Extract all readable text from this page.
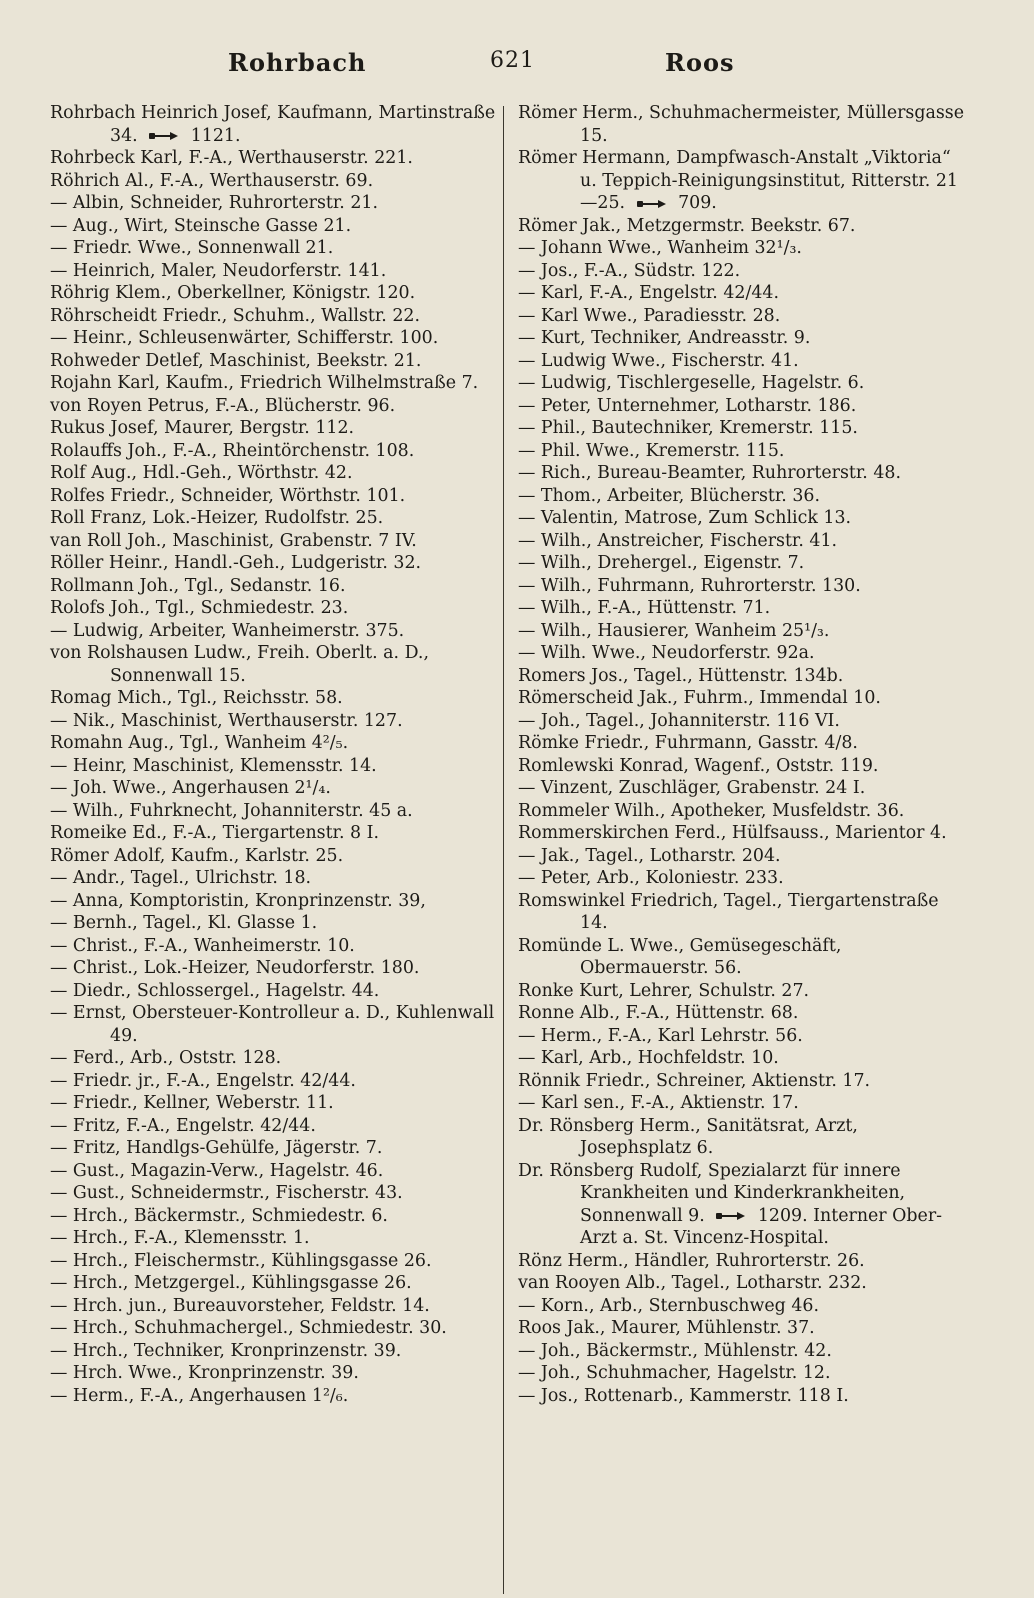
Rohrbach	621	Roos

Rohrbach Heinrich Josef, Kaufmann, Martinstraße 34.
1121.

Rohrbeck Karl, F.-A., Werthauserstr. 221.

Röhrich Al., F.-A., Werthauserstr. 69.

— Albin, Schneider, Ruhrorterstr. 21.

— Aug., Wirt, Steinsche Gasse 21.

— Friedr. Wwe., Sonnenwall 21.

— Heinrich, Maler, Neudorferstr. 141.

Röhrig Klem., Oberkellner, Königstr. 120.

Röhrscheidt Friedr., Schuhm., Wallstr. 22.

— Heinr., Schleusenwärter, Schifferstr. 100.

Rohweder Detlef, Maschinist, Beekstr. 21.

Rojahn Karl, Kaufm., Friedrich Wilhelmstraße 7.

von Royen Petrus, F.-A., Blücherstr. 96.

Rukus Josef, Maurer, Bergstr. 112.

Rolauffs Joh., F.-A., Rheintörchenstr. 108.

Rolf Aug., Hdl.-Geh., Wörthstr. 42.

Rolfes Friedr., Schneider, Wörthstr. 101.

Roll Franz, Lok.-Heizer, Rudolfstr. 25.

van Roll Joh., Maschinist, Grabenstr. 7 IV.

Röller Heinr., Handl.-Geh., Ludgeristr. 32.

Rollmann Joh., Tgl., Sedanstr. 16.

Rolofs Joh., Tgl., Schmiedestr. 23.

— Ludwig, Arbeiter, Wanheimerstr. 375.

von Rolshausen Ludw., Freih. Oberlt. a. D., Sonnenwall 15.

Romag Mich., Tgl., Reichsstr. 58.

— Nik., Maschinist, Werthauserstr. 127.

Romahn Aug., Tgl., Wanheim 4²/₅.

— Heinr, Maschinist, Klemensstr. 14.

— Joh. Wwe., Angerhausen 2¹/₄.

— Wilh., Fuhrknecht, Johanniterstr. 45 a.

Romeike Ed., F.-A., Tiergartenstr. 8 I.

Römer Adolf, Kaufm., Karlstr. 25.

— Andr., Tagel., Ulrichstr. 18.

— Anna, Komptoristin, Kronprinzenstr. 39,

— Bernh., Tagel., Kl. Glasse 1.

— Christ., F.-A., Wanheimerstr. 10.

— Christ., Lok.-Heizer, Neudorferstr. 180.

— Diedr., Schlossergel., Hagelstr. 44.

— Ernst, Obersteuer-Kontrolleur a. D., Kuhlenwall 49.

— Ferd., Arb., Oststr. 128.

— Friedr. jr., F.-A., Engelstr. 42/44.

— Friedr., Kellner, Weberstr. 11.

— Fritz, F.-A., Engelstr. 42/44.

— Fritz, Handlgs-Gehülfe, Jägerstr. 7.

— Gust., Magazin-Verw., Hagelstr. 46.

— Gust., Schneidermstr., Fischerstr. 43.

— Hrch., Bäckermstr., Schmiedestr. 6.

— Hrch., F.-A., Klemensstr. 1.

— Hrch., Fleischermstr., Kühlingsgasse 26.

— Hrch., Metzgergel., Kühlingsgasse 26.

— Hrch. jun., Bureauvorsteher, Feldstr. 14.

— Hrch., Schuhmachergel., Schmiedestr. 30.

— Hrch., Techniker, Kronprinzenstr. 39.

— Hrch. Wwe., Kronprinzenstr. 39.

— Herm., F.-A., Angerhausen 1²/₆.

Römer Herm., Schuhmachermeister, Müllersgasse 15.

Römer Hermann, Dampfwasch-Anstalt „Viktoria“ u. Teppich-Reinigungsinstitut, Ritterstr. 21—25.
709.

Römer Jak., Metzgermstr. Beekstr. 67.

— Johann Wwe., Wanheim 32¹/₃.

— Jos., F.-A., Südstr. 122.

— Karl, F.-A., Engelstr. 42/44.

— Karl Wwe., Paradiesstr. 28.

— Kurt, Techniker, Andreasstr. 9.

— Ludwig Wwe., Fischerstr. 41.

— Ludwig, Tischlergeselle, Hagelstr. 6.

— Peter, Unternehmer, Lotharstr. 186.

— Phil., Bautechniker, Kremerstr. 115.

— Phil. Wwe., Kremerstr. 115.

— Rich., Bureau-Beamter, Ruhrorterstr. 48.

— Thom., Arbeiter, Blücherstr. 36.

— Valentin, Matrose, Zum Schlick 13.

— Wilh., Anstreicher, Fischerstr. 41.

— Wilh., Drehergel., Eigenstr. 7.

— Wilh., Fuhrmann, Ruhrorterstr. 130.

— Wilh., F.-A., Hüttenstr. 71.

— Wilh., Hausierer, Wanheim 25¹/₃.

— Wilh. Wwe., Neudorferstr. 92a.

Romers Jos., Tagel., Hüttenstr. 134b.

Römerscheid Jak., Fuhrm., Immendal 10.

— Joh., Tagel., Johanniterstr. 116 VI.

Römke Friedr., Fuhrmann, Gasstr. 4/8.

Romlewski Konrad, Wagenf., Oststr. 119.

— Vinzent, Zuschläger, Grabenstr. 24 I.

Rommeler Wilh., Apotheker, Musfeldstr. 36.

Rommerskirchen Ferd., Hülfsauss., Marientor 4.

— Jak., Tagel., Lotharstr. 204.

— Peter, Arb., Koloniestr. 233.

Romswinkel Friedrich, Tagel., Tiergartenstraße 14.

Romünde L. Wwe., Gemüsegeschäft, Obermauerstr. 56.

Ronke Kurt, Lehrer, Schulstr. 27.

Ronne Alb., F.-A., Hüttenstr. 68.

— Herm., F.-A., Karl Lehrstr. 56.

— Karl, Arb., Hochfeldstr. 10.

Rönnik Friedr., Schreiner, Aktienstr. 17.

— Karl sen., F.-A., Aktienstr. 17.

Dr. Rönsberg Herm., Sanitätsrat, Arzt, Josephsplatz 6.

Dr. Rönsberg Rudolf, Spezialarzt für innere Krankheiten und Kinderkrankheiten, Sonnenwall 9.
1209. Interner Ober-Arzt a. St. Vincenz-Hospital.

Rönz Herm., Händler, Ruhrorterstr. 26.

van Rooyen Alb., Tagel., Lotharstr. 232.

— Korn., Arb., Sternbuschweg 46.

Roos Jak., Maurer, Mühlenstr. 37.

— Joh., Bäckermstr., Mühlenstr. 42.

— Joh., Schuhmacher, Hagelstr. 12.

— Jos., Rottenarb., Kammerstr. 118 I.
